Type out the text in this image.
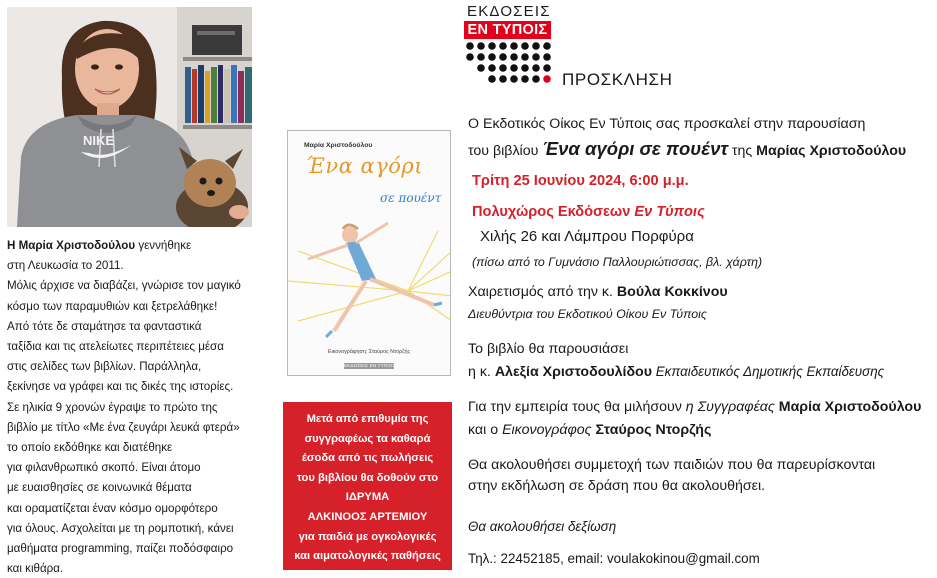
NIKE

Η Μαρία Χριστοδούλου γεννήθηκε

στη Λευκωσία το 2011.

Μόλις άρχισε να διαβάζει, γνώρισε τον μαγικό

κόσμο των παραμυθιών και ξετρελάθηκε!

Από τότε δε σταμάτησε τα φανταστικά

ταξίδια και τις ατελείωτες περιπέτειες μέσα

στις σελίδες των βιβλίων. Παράλληλα,

ξεκίνησε να γράφει και τις δικές της ιστορίες.

Σε ηλικία 9 χρονών έγραψε το πρώτο της

βιβλίο με τίτλο «Με ένα ζευγάρι λευκά φτερά»

το οποίο εκδόθηκε και διατέθηκε

για φιλανθρωπικό σκοπό. Είναι άτομο

με ευαισθησίες σε κοινωνικά θέματα

και οραματίζεται έναν κόσμο ομορφότερο

για όλους. Ασχολείται με τη ρομποτική, κάνει

μαθήματα programming, παίζει ποδόσφαιρο

και κιθάρα.

Μαρία Χριστοδούλου
Ένα αγόρι
σε πουέντ
Εικονογράφηση: Σταύρος Ντορζής
ΕΚΔΟΣΕΙΣ ΕΝ ΤΥΠΟΙΣ

Μετά από επιθυμία της

συγγραφέως τα καθαρά

έσοδα από τις πωλήσεις

του βιβλίου θα δοθούν στο

ΙΔΡΥΜΑ

ΑΛΚΙΝΟΟΣ ΑΡΤΕΜΙΟΥ

για παιδιά με ογκολογικές

και αιματολογικές παθήσεις

ΕΚΔΟΣΕΙΣ
ΕΝ ΤΥΠΟΙΣ
ΠΡΟΣΚΛΗΣΗ
Ο Εκδοτικός Οίκος Εν Τύποις σας προσκαλεί στην παρουσίαση
του βιβλίου Ένα αγόρι σε πουέντ της Μαρίας Χριστοδούλου
Τρίτη 25 Ιουνίου 2024, 6:00 μ.μ.
Πολυχώρος Εκδόσεων Εν Τύποις
Χιλής 26 και Λάμπρου Πορφύρα
(πίσω από το Γυμνάσιο Παλλουριώτισσας, βλ. χάρτη)
Χαιρετισμός από την κ. Βούλα Κοκκίνου
Διευθύντρια του Εκδοτικού Οίκου Εν Τύποις
Το βιβλίο θα παρουσιάσει
η κ. Αλεξία Χριστοδουλίδου Εκπαιδευτικός Δημοτικής Εκπαίδευσης
Για την εμπειρία τους θα μιλήσουν η Συγγραφέας Μαρία Χριστοδούλου
και ο Εικονογράφος Σταύρος Ντορζής
Θα ακολουθήσει συμμετοχή των παιδιών που θα παρευρίσκονται
στην εκδήλωση σε δράση που θα ακολουθήσει.
Θα ακολουθήσει δεξίωση
Τηλ.: 22452185, email: voulakokinou@gmail.com
